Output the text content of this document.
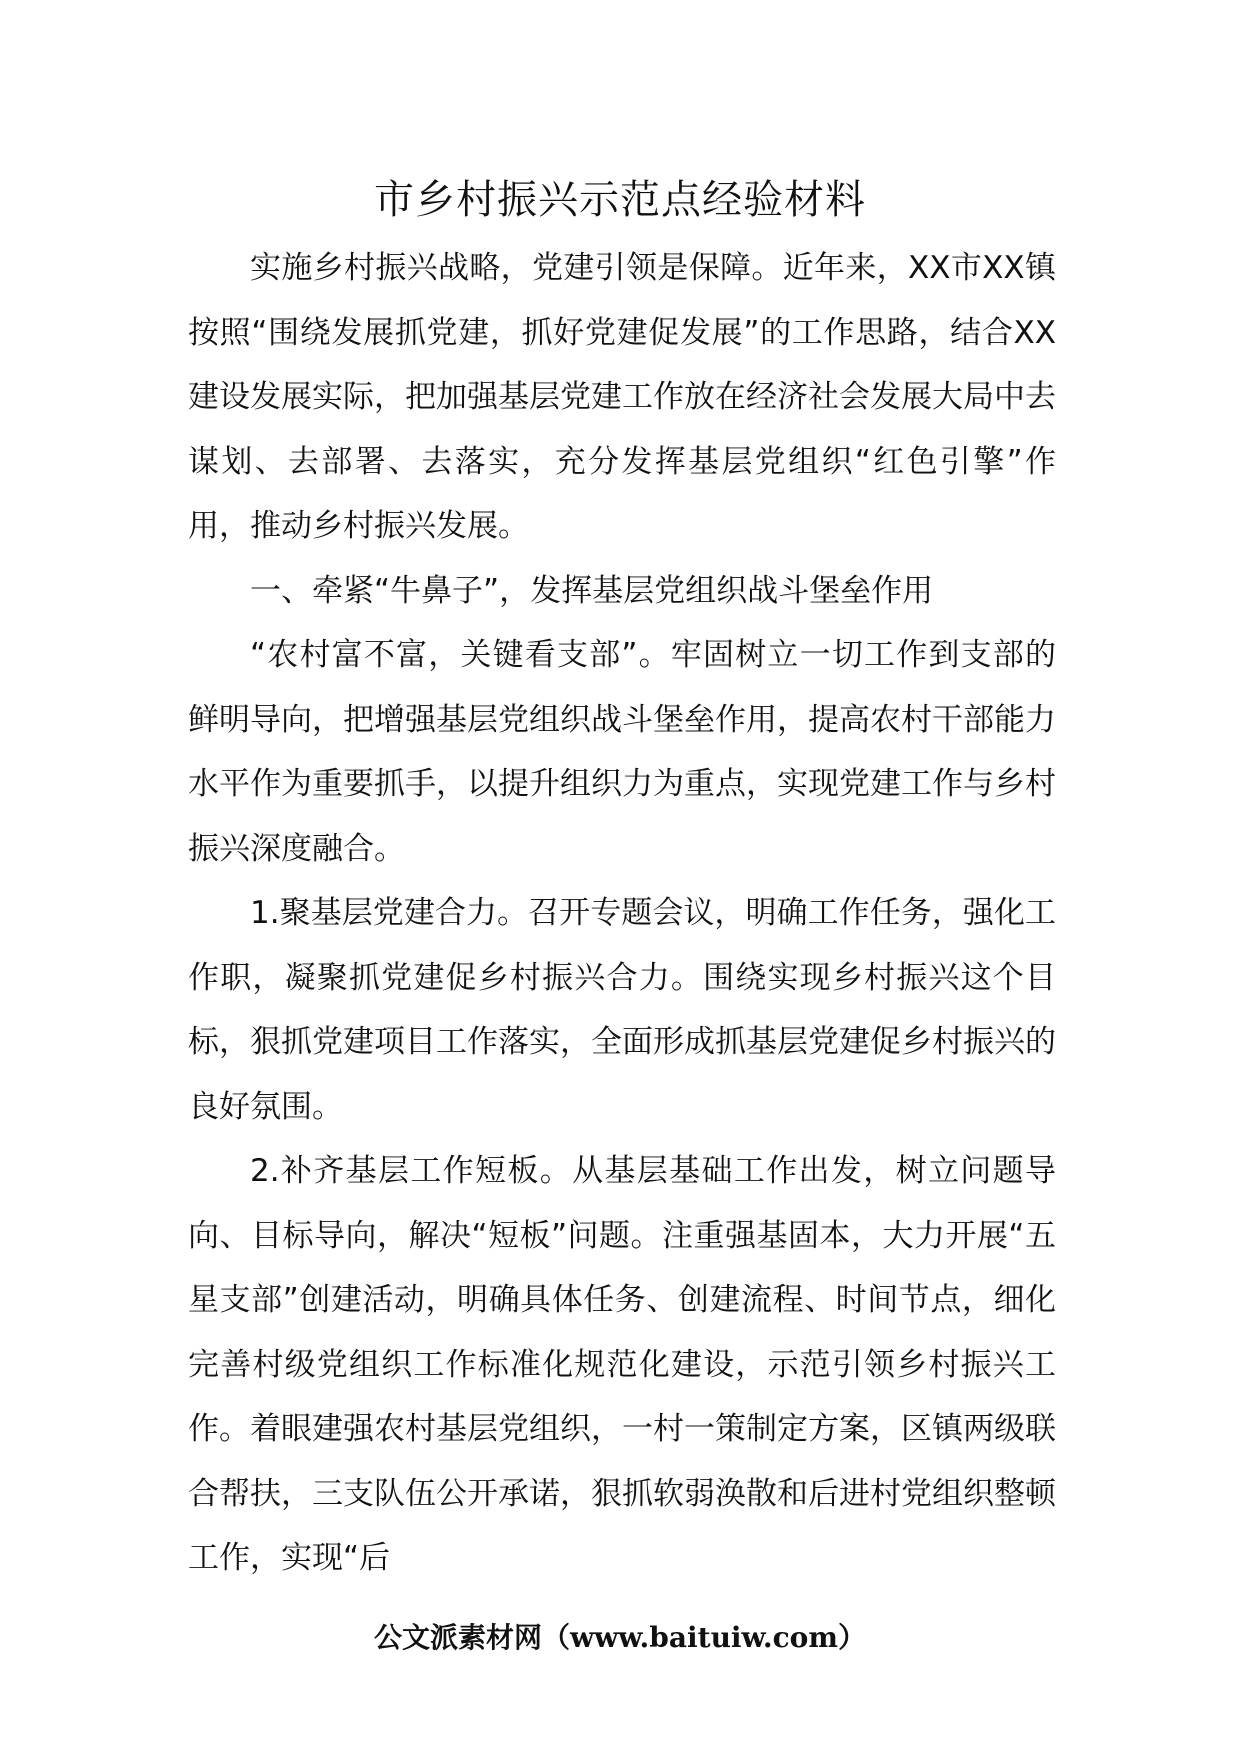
市乡村振兴示范点经验材料

实施乡村振兴战略，党建引领是保障。近年来，XX市XX镇按照“围绕发展抓党建，抓好党建促发展”的工作思路，结合XX建设发展实际，把加强基层党建工作放在经济社会发展大局中去谋划、去部署、去落实，充分发挥基层党组织“红色引擎”作用，推动乡村振兴发展。

一、牵紧“牛鼻子”，发挥基层党组织战斗堡垒作用

“农村富不富，关键看支部”。牢固树立一切工作到支部的鲜明导向，把增强基层党组织战斗堡垒作用，提高农村干部能力水平作为重要抓手，以提升组织力为重点，实现党建工作与乡村振兴深度融合。

1.聚基层党建合力。召开专题会议，明确工作任务，强化工作职，凝聚抓党建促乡村振兴合力。围绕实现乡村振兴这个目标，狠抓党建项目工作落实，全面形成抓基层党建促乡村振兴的良好氛围。

2.补齐基层工作短板。从基层基础工作出发，树立问题导向、目标导向，解决“短板”问题。注重强基固本，大力开展“五星支部”创建活动，明确具体任务、创建流程、时间节点，细化完善村级党组织工作标准化规范化建设，示范引领乡村振兴工作。着眼建强农村基层党组织，一村一策制定方案，区镇两级联合帮扶，三支队伍公开承诺，狠抓软弱涣散和后进村党组织整顿工作，实现“后

公文派素材网（www.baituiw.com）
